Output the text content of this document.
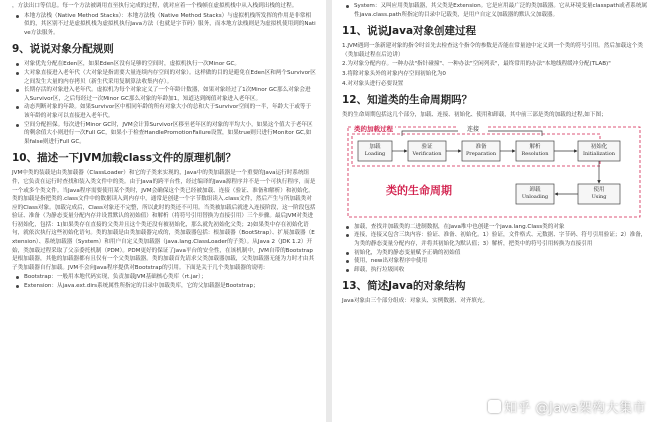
，方法出口等信息。每一个方法被调用直至执行完成的过程，就对应着一个栈帧在虚拟机栈中从入栈到出栈的过程。

本地方法栈（Native Method Stacks）：本地方法栈（Native Method Stacks）与虚拟机栈所发挥的作用是非常相似的，其区别不过是虚拟机栈为虚拟机执行Java方法（也就是字节码）服务，而本地方法栈则是为虚拟机使用到的Native方法服务。

9、说说对象分配规则

对象优先分配在Eden区，如果Eden区没有足够的空间时，虚拟机执行一次Minor GC。

大对象直接进入老年代（大对象是指需要大量连续内存空间的对象）。这样做的目的是避免在Eden区和两个Survivor区之间发生大量的内存拷贝（新生代采用复制算法收集内存）。

长期存活的对象进入老年代。虚拟机为每个对象定义了一个年龄计数器，如果对象经过了1次Minor GC那么对象会进入Survivor区，之后每经过一次Minor GC那么对象的年龄加1，知道达到阀值对象进入老年区。

动态判断对象的年龄。如果Survivor区中相同年龄的所有对象大小的总和大于Survivor空间的一半，年龄大于或等于该年龄的对象可以直接进入老年代。

空间分配担保。每次进行Minor GC时，JVM会计算Survivor区移至老年区的对象的平均大小，如果这个值大于老年区的剩余值大小则进行一次Full GC，如果小于检查HandlePromotionFailure设置，如果true则只进行Monitor GC,如果false则进行Full GC。

10、描述一下JVM加载class文件的原理机制？

JVM中类的装载是由类加载器（ClassLoader）和它的子类来实现的，Java中的类加载器是一个重要的Java运行时系统组件，它负责在运行时查找和装入类文件中的类。由于Java的跨平台性，经过编译的Java源程序并不是一个可执行程序，而是一个或多个类文件。当Java程序需要使用某个类时，JVM会确保这个类已经被加载、连接（验证、准备和解析）和初始化。类的加载是指把类的.class文件中的数据读入到内存中，通常是创建一个字节数组读入.class文件，然后产生与所加载类对应的Class对象。加载完成后，Class对象还不完整，所以此时的类还不可用。当类被加载后就进入连接阶段，这一阶段包括验证、准备（为静态变量分配内存并设置默认的初始值）和解析（将符号引用替换为直接引用）三个步骤。最后JVM对类进行初始化，包括：1)如果类存在直接的父类并且这个类还没有被初始化，那么就先初始化父类；2)如果类中存在初始化语句，就依次执行这些初始化语句。类的加载是由类加载器完成的，类加载器包括：根加载器（BootStrap）、扩展加载器（Extension）、系统加载器（System）和用户自定义类加载器（java.lang.ClassLoader的子类）。从Java 2（JDK 1.2）开始，类加载过程采取了父亲委托机制（PDM）。PDM更好的保证了Java平台的安全性，在该机制中，JVM自带的Bootstrap是根加载器，其他的加载器都有且仅有一个父类加载器。类的加载首先请求父类加载器加载，父类加载器无能为力时才由其子类加载器自行加载。JVM不会向Java程序提供对Bootstrap的引用。下面是关于几个类加载器的说明：

Bootstrap：一般用本地代码实现，负责加载JVM基础核心类库（rt.jar）；

Extension：从java.ext.dirs系统属性所指定的目录中加载类库，它的父加载器是Bootstrap；

System：又叫应用类加载器，其父类是Extension。它是应用最广泛的类加载器。它从环境变量classpath或者系统属性java.class.path所指定的目录中记载类，是用户自定义加载器的默认父加载器。

11、说说Java对象创建过程

1.JVM遇到一条新建对象的指令时首先去检查这个指令的参数是否能在常量池中定义到一个类的符号引用。然后加载这个类（类加载过程在后边讲）

2.为对象分配内存。一种办法"指针碰撞"、一种办法"空闲列表"，最终常用的办法"本地线程缓冲分配(TLAB)"

3.将除对象头外的对象内存空间初始化为0

4.对对象头进行必要设置

12、知道类的生命周期吗？

类的生命周期包括这几个部分，加载、连接、初始化、使用和卸载，其中前三部是类的加载的过程,如下图；

类的加载过程	连接
加载
Loading
验证
Verification
准备
Preparation
解析
Resolution
初始化
Initialization
卸载
Unloading
使用
Using
类的生命周期

加载，查找并加载类的二进制数据，在Java堆中也创建一个java.lang.Class类的对象

连接，连接又包含三块内容：验证、准备、初始化。1）验证，文件格式、元数据、字节码、符号引用验证；2）准备，为类的静态变量分配内存，并将其初始化为默认值；3）解析，把类中的符号引用转换为直接引用

初始化，为类的静态变量赋予正确的初始值

使用，new出对象程序中使用

卸载，执行垃圾回收

13、简述Java的对象结构

Java对象由三个部分组成：对象头、实例数据、对齐填充。

知乎 @Java架构大集市
